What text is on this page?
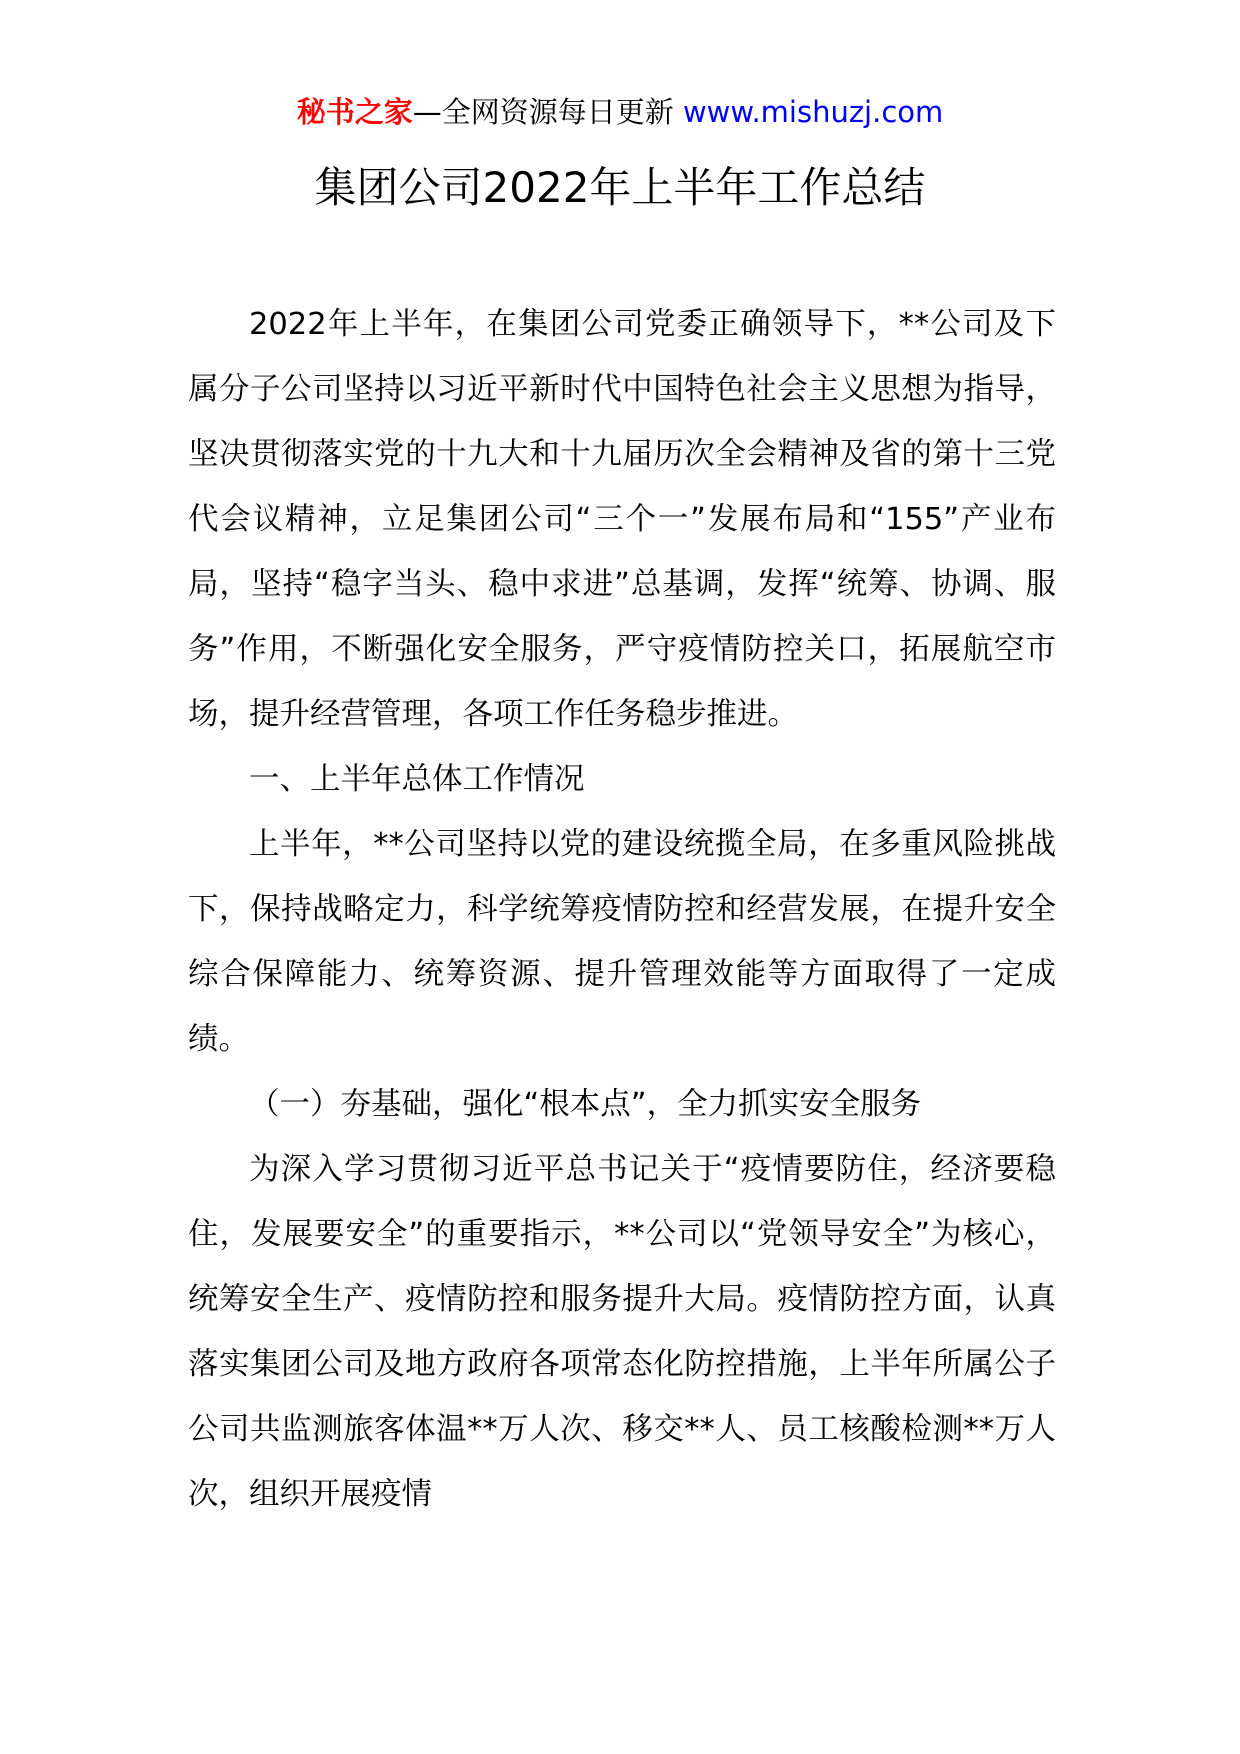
秘书之家—全网资源每日更新 www.mishuzj.com
集团公司2022年上半年工作总结

2022年上半年，在集团公司党委正确领导下，**公司及下属分子公司坚持以习近平新时代中国特色社会主义思想为指导，坚决贯彻落实党的十九大和十九届历次全会精神及省的第十三党代会议精神，立足集团公司“三个一”发展布局和“155”产业布局，坚持“稳字当头、稳中求进”总基调，发挥“统筹、协调、服务”作用，不断强化安全服务，严守疫情防控关口，拓展航空市场，提升经营管理，各项工作任务稳步推进。

一、上半年总体工作情况

上半年，**公司坚持以党的建设统揽全局，在多重风险挑战下，保持战略定力，科学统筹疫情防控和经营发展，在提升安全综合保障能力、统筹资源、提升管理效能等方面取得了一定成绩。

（一）夯基础，强化“根本点”，全力抓实安全服务

为深入学习贯彻习近平总书记关于“疫情要防住，经济要稳住，发展要安全”的重要指示，**公司以“党领导安全”为核心，统筹安全生产、疫情防控和服务提升大局。疫情防控方面，认真落实集团公司及地方政府各项常态化防控措施，上半年所属公子公司共监测旅客体温**万人次、移交**人、员工核酸检测**万人次，组织开展疫情
